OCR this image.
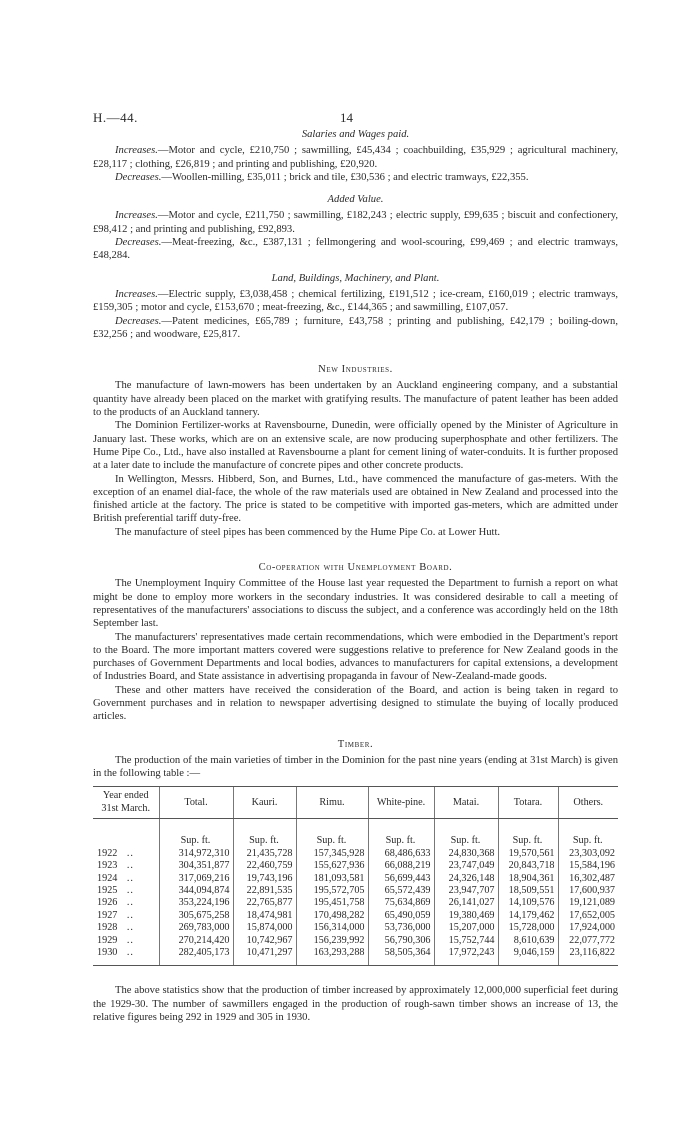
H.—44.	14
Salaries and Wages paid.

Increases.—Motor and cycle, £210,750 ; sawmilling, £45,434 ; coachbuilding, £35,929 ; agricultural machinery, £28,117 ; clothing, £26,819 ; and printing and publishing, £20,920.

Decreases.—Woollen-milling, £35,011 ; brick and tile, £30,536 ; and electric tramways, £22,355.

Added Value.

Increases.—Motor and cycle, £211,750 ; sawmilling, £182,243 ; electric supply, £99,635 ; biscuit and confectionery, £98,412 ; and printing and publishing, £92,893.

Decreases.—Meat-freezing, &c., £387,131 ; fellmongering and wool-scouring, £99,469 ; and electric tramways, £48,284.

Land, Buildings, Machinery, and Plant.

Increases.—Electric supply, £3,038,458 ; chemical fertilizing, £191,512 ; ice-cream, £160,019 ; electric tramways, £159,305 ; motor and cycle, £153,670 ; meat-freezing, &c., £144,365 ; and sawmilling, £107,057.

Decreases.—Patent medicines, £65,789 ; furniture, £43,758 ; printing and publishing, £42,179 ; boiling-down, £32,256 ; and woodware, £25,817.

New Industries.

The manufacture of lawn-mowers has been undertaken by an Auckland engineering company, and a substantial quantity have already been placed on the market with gratifying results. The manufacture of patent leather has been added to the products of an Auckland tannery.

The Dominion Fertilizer-works at Ravensbourne, Dunedin, were officially opened by the Minister of Agriculture in January last. These works, which are on an extensive scale, are now producing superphosphate and other fertilizers. The Hume Pipe Co., Ltd., have also installed at Ravensbourne a plant for cement lining of water-conduits. It is further proposed at a later date to include the manufacture of concrete pipes and other concrete products.

In Wellington, Messrs. Hibberd, Son, and Burnes, Ltd., have commenced the manufacture of gas-meters. With the exception of an enamel dial-face, the whole of the raw materials used are obtained in New Zealand and processed into the finished article at the factory. The price is stated to be competitive with imported gas-meters, which are admitted under British preferential tariff duty-free.

The manufacture of steel pipes has been commenced by the Hume Pipe Co. at Lower Hutt.

Co-operation with Unemployment Board.

The Unemployment Inquiry Committee of the House last year requested the Department to furnish a report on what might be done to employ more workers in the secondary industries. It was considered desirable to call a meeting of representatives of the manufacturers' associations to discuss the subject, and a conference was accordingly held on the 18th September last.

The manufacturers' representatives made certain recommendations, which were embodied in the Department's report to the Board. The more important matters covered were suggestions relative to preference for New Zealand goods in the purchases of Government Departments and local bodies, advances to manufacturers for capital extensions, a development of Industries Board, and State assistance in advertising propaganda in favour of New-Zealand-made goods.

These and other matters have received the consideration of the Board, and action is being taken in regard to Government purchases and in relation to newspaper advertising designed to stimulate the buying of locally produced articles.

Timber.

The production of the main varieties of timber in the Dominion for the past nine years (ending at 31st March) is given in the following table :—

Year ended 31st March.	Total.	Kauri.	Rimu.	White-pine.	Matai.	Totara.	Others.
	Sup. ft.	Sup. ft.	Sup. ft.	Sup. ft.	Sup. ft.	Sup. ft.	Sup. ft.
1922 ..	314,972,310	21,435,728	157,345,928	68,486,633	24,830,368	19,570,561	23,303,092
1923 ..	304,351,877	22,460,759	155,627,936	66,088,219	23,747,049	20,843,718	15,584,196
1924 ..	317,069,216	19,743,196	181,093,581	56,699,443	24,326,148	18,904,361	16,302,487
1925 ..	344,094,874	22,891,535	195,572,705	65,572,439	23,947,707	18,509,551	17,600,937
1926 ..	353,224,196	22,765,877	195,451,758	75,634,869	26,141,027	14,109,576	19,121,089
1927 ..	305,675,258	18,474,981	170,498,282	65,490,059	19,380,469	14,179,462	17,652,005
1928 ..	269,783,000	15,874,000	156,314,000	53,736,000	15,207,000	15,728,000	17,924,000
1929 ..	270,214,420	10,742,967	156,239,992	56,790,306	15,752,744	8,610,639	22,077,772
1930 ..	282,405,173	10,471,297	163,293,288	58,505,364	17,972,243	9,046,159	23,116,822

The above statistics show that the production of timber increased by approximately 12,000,000 superficial feet during the 1929-30. The number of sawmillers engaged in the production of rough-sawn timber shows an increase of 13, the relative figures being 292 in 1929 and 305 in 1930.
